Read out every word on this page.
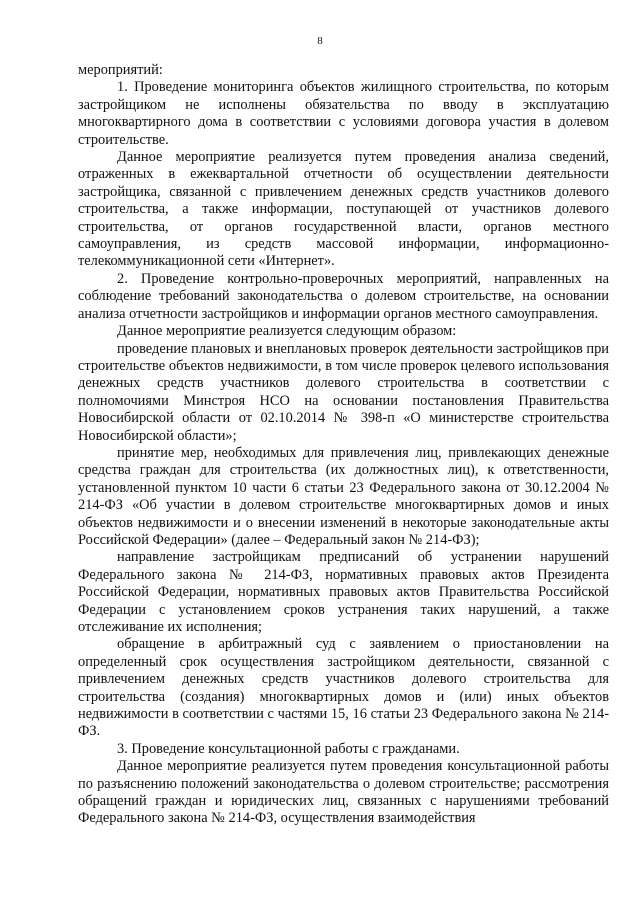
8

мероприятий:

1. Проведение мониторинга объектов жилищного строительства, по которым застройщиком не исполнены обязательства по вводу в эксплуатацию многоквартирного дома в соответствии с условиями договора участия в долевом строительстве.

Данное мероприятие реализуется путем проведения анализа сведений, отраженных в ежеквартальной отчетности об осуществлении деятельности застройщика, связанной с привлечением денежных средств участников долевого строительства, а также информации, поступающей от участников долевого строительства, от органов государственной власти, органов местного самоуправления, из средств массовой информации, информационно-телекоммуникационной сети «Интернет».

2. Проведение контрольно-проверочных мероприятий, направленных на соблюдение требований законодательства о долевом строительстве, на основании анализа отчетности застройщиков и информации органов местного самоуправления.

Данное мероприятие реализуется следующим образом:

проведение плановых и внеплановых проверок деятельности застройщиков при строительстве объектов недвижимости, в том числе проверок целевого использования денежных средств участников долевого строительства в соответствии с полномочиями Минстроя НСО на основании постановления Правительства Новосибирской области от 02.10.2014 № 398-п «О министерстве строительства Новосибирской области»;

принятие мер, необходимых для привлечения лиц, привлекающих денежные средства граждан для строительства (их должностных лиц), к ответственности, установленной пунктом 10 части 6 статьи 23 Федерального закона от 30.12.2004 № 214-ФЗ «Об участии в долевом строительстве многоквартирных домов и иных объектов недвижимости и о внесении изменений в некоторые законодательные акты Российской Федерации» (далее – Федеральный закон № 214-ФЗ);

направление застройщикам предписаний об устранении нарушений Федерального закона № 214-ФЗ, нормативных правовых актов Президента Российской Федерации, нормативных правовых актов Правительства Российской Федерации с установлением сроков устранения таких нарушений, а также отслеживание их исполнения;

обращение в арбитражный суд с заявлением о приостановлении на определенный срок осуществления застройщиком деятельности, связанной с привлечением денежных средств участников долевого строительства для строительства (создания) многоквартирных домов и (или) иных объектов недвижимости в соответствии с частями 15, 16 статьи 23 Федерального закона № 214-ФЗ.

3. Проведение консультационной работы с гражданами.

Данное мероприятие реализуется путем проведения консультационной работы по разъяснению положений законодательства о долевом строительстве; рассмотрения обращений граждан и юридических лиц, связанных с нарушениями требований Федерального закона № 214-ФЗ, осуществления взаимодействия
